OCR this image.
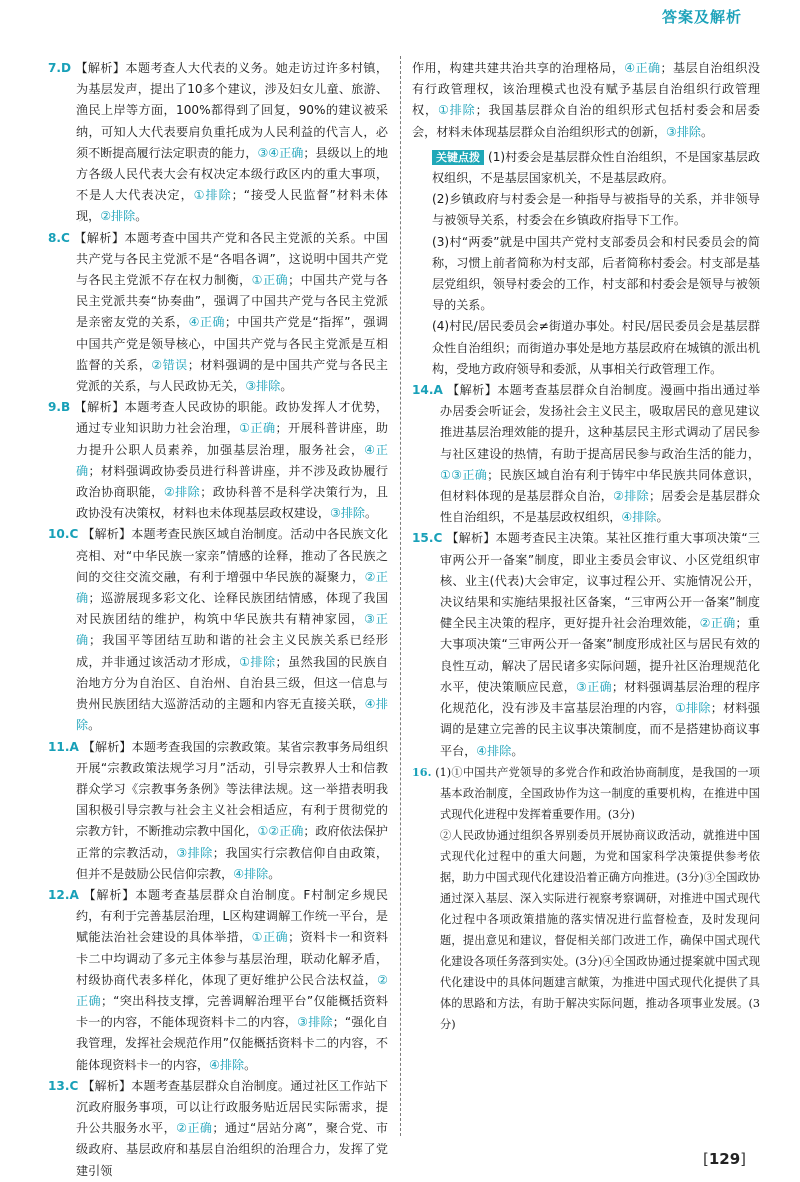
答案及解析

7.D 【解析】本题考查人大代表的义务。她走访过许多村镇，为基层发声，提出了10多个建议，涉及妇女儿童、旅游、渔民上岸等方面，100%都得到了回复，90%的建议被采纳，可知人大代表要肩负重托成为人民利益的代言人，必须不断提高履行法定职责的能力，③④正确；县级以上的地方各级人民代表大会有权决定本级行政区内的重大事项，不是人大代表决定，①排除；“接受人民监督”材料未体现，②排除。

8.C 【解析】本题考查中国共产党和各民主党派的关系。中国共产党与各民主党派不是“各唱各调”，这说明中国共产党与各民主党派不存在权力制衡，①正确；中国共产党与各民主党派共奏“协奏曲”，强调了中国共产党与各民主党派是亲密友党的关系，④正确；中国共产党是“指挥”，强调中国共产党是领导核心，中国共产党与各民主党派是互相监督的关系，②错误；材料强调的是中国共产党与各民主党派的关系，与人民政协无关，③排除。

9.B 【解析】本题考查人民政协的职能。政协发挥人才优势，通过专业知识助力社会治理，①正确；开展科普讲座，助力提升公职人员素养，加强基层治理，服务社会，④正确；材料强调政协委员进行科普讲座，并不涉及政协履行政治协商职能，②排除；政协科普不是科学决策行为，且政协没有决策权，材料也未体现基层政权建设，③排除。

10.C 【解析】本题考查民族区域自治制度。活动中各民族文化亮相、对“中华民族一家亲”情感的诠释，推动了各民族之间的交往交流交融，有利于增强中华民族的凝聚力，②正确；巡游展现多彩文化、诠释民族团结情感，体现了我国对民族团结的维护，构筑中华民族共有精神家园，③正确；我国平等团结互助和谐的社会主义民族关系已经形成，并非通过该活动才形成，①排除；虽然我国的民族自治地方分为自治区、自治州、自治县三级，但这一信息与贵州民族团结大巡游活动的主题和内容无直接关联，④排除。

11.A 【解析】本题考查我国的宗教政策。某省宗教事务局组织开展“宗教政策法规学习月”活动，引导宗教界人士和信教群众学习《宗教事务条例》等法律法规。这一举措表明我国积极引导宗教与社会主义社会相适应，有利于贯彻党的宗教方针，不断推动宗教中国化，①②正确；政府依法保护正常的宗教活动，③排除；我国实行宗教信仰自由政策，但并不是鼓励公民信仰宗教，④排除。

12.A 【解析】本题考查基层群众自治制度。F村制定乡规民约，有利于完善基层治理，L区构建调解工作统一平台，是赋能法治社会建设的具体举措，①正确；资料卡一和资料卡二中均调动了多元主体参与基层治理，联动化解矛盾，村级协商代表多样化，体现了更好维护公民合法权益，②正确；“突出科技支撑，完善调解治理平台”仅能概括资料卡一的内容，不能体现资料卡二的内容，③排除；“强化自我管理，发挥社会规范作用”仅能概括资料卡二的内容，不能体现资料卡一的内容，④排除。

13.C 【解析】本题考查基层群众自治制度。通过社区工作站下沉政府服务事项，可以让行政服务贴近居民实际需求，提升公共服务水平，②正确；通过“居站分离”，聚合党、市级政府、基层政府和基层自治组织的治理合力，发挥了党建引领

作用，构建共建共治共享的治理格局，④正确；基层自治组织没有行政管理权，该治理模式也没有赋予基层自治组织行政管理权，①排除；我国基层群众自治的组织形式包括村委会和居委会，材料未体现基层群众自治组织形式的创新，③排除。

关键点拨 (1)村委会是基层群众性自治组织，不是国家基层政权组织，不是基层国家机关，不是基层政府。

(2)乡镇政府与村委会是一种指导与被指导的关系，并非领导与被领导关系，村委会在乡镇政府指导下工作。

(3)村“两委”就是中国共产党村支部委员会和村民委员会的简称，习惯上前者简称为村支部，后者简称村委会。村支部是基层党组织，领导村委会的工作，村支部和村委会是领导与被领导的关系。

(4)村民/居民委员会≠街道办事处。村民/居民委员会是基层群众性自治组织；而街道办事处是地方基层政府在城镇的派出机构，受地方政府领导和委派，从事相关行政管理工作。

14.A 【解析】本题考查基层群众自治制度。漫画中指出通过举办居委会听证会，发扬社会主义民主，吸取居民的意见建议推进基层治理效能的提升，这种基层民主形式调动了居民参与社区建设的热情，有助于提高居民参与政治生活的能力，①③正确；民族区域自治有利于铸牢中华民族共同体意识，但材料体现的是基层群众自治，②排除；居委会是基层群众性自治组织，不是基层政权组织，④排除。

15.C 【解析】本题考查民主决策。某社区推行重大事项决策“三审两公开一备案”制度，即业主委员会审议、小区党组织审核、业主(代表)大会审定，议事过程公开、实施情况公开，决议结果和实施结果报社区备案，“三审两公开一备案”制度健全民主决策的程序，更好提升社会治理效能，②正确；重大事项决策“三审两公开一备案”制度形成社区与居民有效的良性互动，解决了居民诸多实际问题，提升社区治理规范化水平，使决策顺应民意，③正确；材料强调基层治理的程序化规范化，没有涉及丰富基层治理的内容，①排除；材料强调的是建立完善的民主议事决策制度，而不是搭建协商议事平台，④排除。

16. (1)①中国共产党领导的多党合作和政治协商制度，是我国的一项基本政治制度，全国政协作为这一制度的重要机构，在推进中国式现代化进程中发挥着重要作用。(3分)

②人民政协通过组织各界别委员开展协商议政活动，就推进中国式现代化过程中的重大问题，为党和国家科学决策提供参考依据，助力中国式现代化建设沿着正确方向推进。(3分)③全国政协通过深入基层、深入实际进行视察考察调研，对推进中国式现代化过程中各项政策措施的落实情况进行监督检查，及时发现问题，提出意见和建议，督促相关部门改进工作，确保中国式现代化建设各项任务落到实处。(3分)④全国政协通过提案就中国式现代化建设中的具体问题建言献策，为推进中国式现代化提供了具体的思路和方法，有助于解决实际问题，推动各项事业发展。(3分)

[129]
